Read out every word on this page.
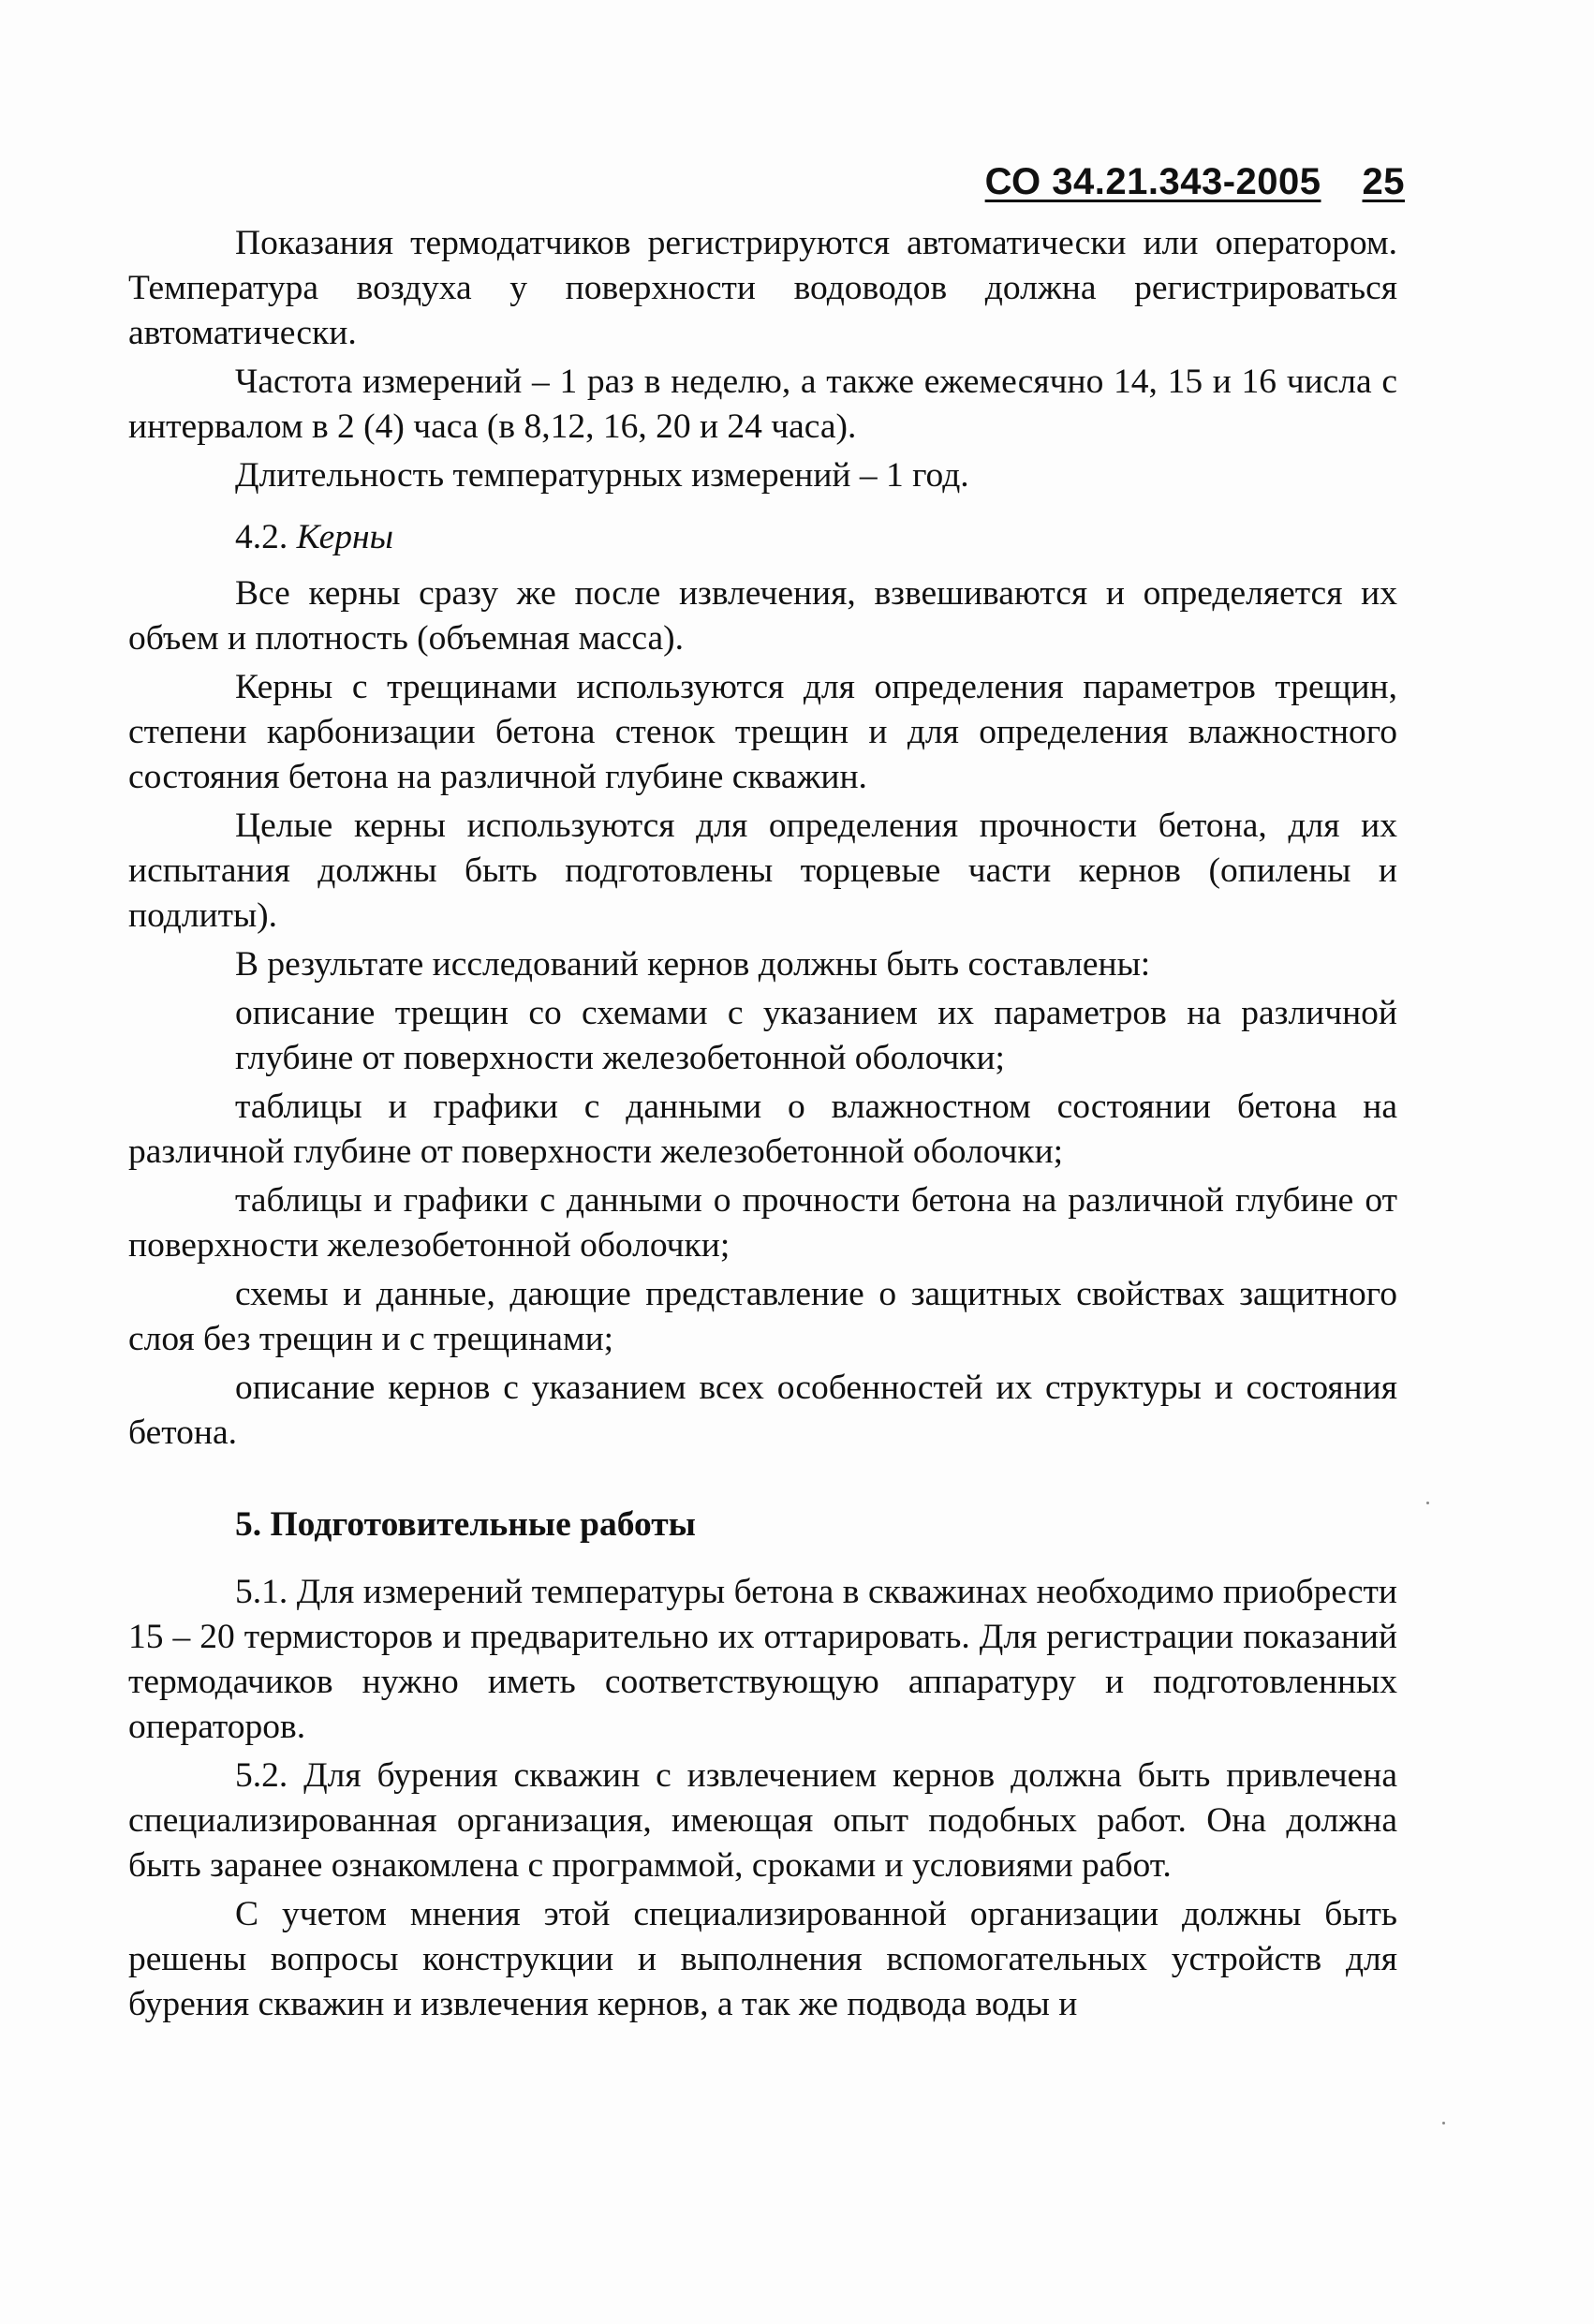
СО 34.21.343-2005 25

Показания термодатчиков регистрируются автоматически или оператором. Температура воздуха у поверхности водоводов должна регистрироваться автоматически.

Частота измерений – 1 раз в неделю, а также ежемесячно 14, 15 и 16 числа с интервалом в 2 (4) часа (в 8,12, 16, 20 и 24 часа).

Длительность температурных измерений – 1 год.

4.2. Керны

Все керны сразу же после извлечения, взвешиваются и определяется их объем и плотность (объемная масса).

Керны с трещинами используются для определения параметров трещин, степени карбонизации бетона стенок трещин и для определения влажностного состояния бетона на различной глубине скважин.

Целые керны используются для определения прочности бетона, для их испытания должны быть подготовлены торцевые части кернов (опилены и подлиты).

В результате исследований кернов должны быть составлены:

описание трещин со схемами с указанием их параметров на различной глубине от поверхности железобетонной оболочки;

таблицы и графики с данными о влажностном состоянии бетона на различной глубине от поверхности железобетонной оболочки;

таблицы и графики с данными о прочности бетона на различной глубине от поверхности железобетонной оболочки;

схемы и данные, дающие представление о защитных свойствах защитного слоя без трещин и с трещинами;

описание кернов с указанием всех особенностей их структуры и состояния бетона.

5. Подготовительные работы

5.1. Для измерений температуры бетона в скважинах необходимо приобрести 15 – 20 термисторов и предварительно их оттарировать. Для регистрации показаний термодачиков нужно иметь соответствующую аппаратуру и подготовленных операторов.

5.2. Для бурения скважин с извлечением кернов должна быть привлечена специализированная организация, имеющая опыт подобных работ. Она должна быть заранее ознакомлена с программой, сроками и условиями работ.

С учетом мнения этой специализированной организации должны быть решены вопросы конструкции и выполнения вспомогательных устройств для бурения скважин и извлечения кернов, а так же подвода воды и
